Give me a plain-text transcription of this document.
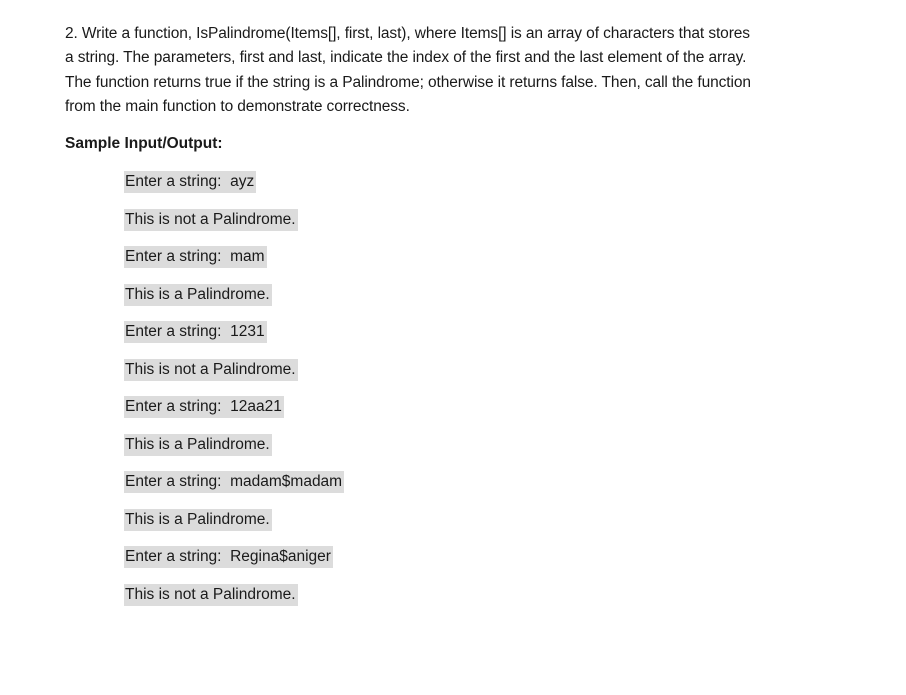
2. Write a function, IsPalindrome(Items[], first, last), where Items[] is an array of characters that stores
a string. The parameters, first and last, indicate the index of the first and the last element of the array.
The function returns true if the string is a Palindrome; otherwise it returns false. Then, call the function
from the main function to demonstrate correctness.

Sample Input/Output:

Enter a string:  ayz
This is not a Palindrome.
Enter a string:  mam
This is a Palindrome.
Enter a string:  1231
This is not a Palindrome.
Enter a string:  12aa21
This is a Palindrome.
Enter a string:  madam$madam
This is a Palindrome.
Enter a string:  Regina$aniger
This is not a Palindrome.
